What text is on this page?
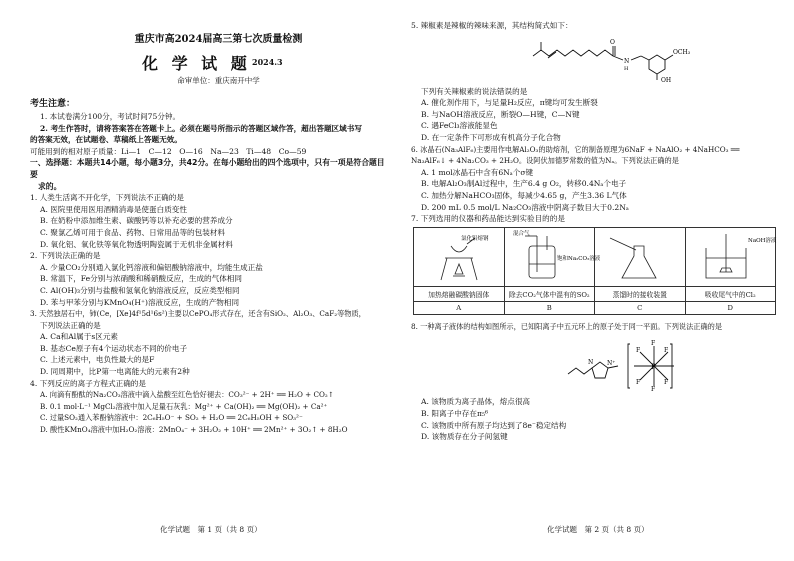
重庆市高2024届高三第七次质量检测
化 学 试 题 2024.3
命审单位：重庆南开中学
考生注意：
1. 本试卷满分100分，考试时间75分钟。
2. 考生作答时，请将答案答在答题卡上。必须在题号所指示的答题区域作答，超出答题区域书写
的答案无效，在试题卷、草稿纸上答题无效。
可能用到的相对原子质量：Li—1　C—12　O—16　Na—23　Ti—48　Co—59
一、选择题：本题共14小题，每小题3分，共42分。在每小题给出的四个选项中，只有一项是符合题目要
求的。
1. 人类生活离不开化学，下列说法不正确的是
A. 医院里使用医用酒精消毒是使蛋白质变性
B. 在奶粉中添加维生素、碳酸钙等以补充必要的营养成分
C. 聚氯乙烯可用于食品、药物、日常用品等的包装材料
D. 氧化铝、氧化铁等氧化物透明陶瓷属于无机非金属材料
2. 下列说法正确的是
A. 少量CO₂分别通入氯化钙溶液和偏铝酸钠溶液中，均能生成正盐
B. 常温下，Fe分别与浓硝酸和稀硝酸反应，生成的气体相同
C. Al(OH)₃分别与盐酸和氢氧化钠溶液反应，反应类型相同
D. 苯与甲苯分别与KMnO₄(H⁺)溶液反应，生成的产物相同
3. 天然独居石中，铈(Ce，[Xe]4f¹5d¹6s²)主要以CePO₄形式存在，还含有SiO₂、Al₂O₃、CaF₂等物质，
下列说法正确的是
A. Ca和Al属于s区元素
B. 基态Ce原子有4个运动状态不同的价电子
C. 上述元素中，电负性最大的是F
D. 同周期中，比P第一电离能大的元素有2种
4. 下列反应的离子方程式正确的是
A. 向滴有酚酞的Na₂CO₃溶液中滴入盐酸至红色恰好褪去：CO₃²⁻ + 2H⁺ ══ H₂O + CO₂↑
B. 0.1 mol·L⁻¹ MgCl₂溶液中加入足量石灰乳：Mg²⁺ + Ca(OH)₂ ══ Mg(OH)₂ + Ca²⁺
C. 过量SO₂通入苯酚钠溶液中：2C₆H₅O⁻ + SO₂ + H₂O ══ 2C₆H₅OH + SO₃²⁻
D. 酸性KMnO₄溶液中加H₂O₂溶液：2MnO₄⁻ + 3H₂O₂ + 10H⁺ ══ 2Mn²⁺ + 3O₂↑ + 8H₂O
化学试题　第 1 页（共 8 页）
5. 辣椒素是辣椒的辣味来源，其结构简式如下：
O
N
H
OCH₃
OH
下列有关辣椒素的说法错误的是
A. 催化剂作用下，与足量H₂反应，π键均可发生断裂
B. 与NaOH溶液反应，断裂O—H键，C—N键
C. 遇FeCl₃溶液能显色
D. 在一定条件下可形成有机高分子化合物
6. 冰晶石(Na₃AlF₆)主要用作电解Al₂O₃的助熔剂，它的制备原理为6NaF + NaAlO₂ + 4NaHCO₃ ══
Na₃AlF₆↓ + 4Na₂CO₃ + 2H₂O。设阿伏加德罗常数的值为Nₐ。下列说法正确的是
A. 1 mol冰晶石中含有6Nₐ个σ键
B. 电解Al₂O₃制Al过程中，生产6.4 g O₂，转移0.4Nₐ个电子
C. 加热分解NaHCO₃固体，每减少4.65 g，产生3.36 L气体
D. 200 mL 0.5 mol/L Na₂CO₃溶液中阴离子数目大于0.2Nₐ
7. 下列选用的仪器和药品能达到实验目的的是
氯化铝熔钢	混合气
饱和Na₂CO₃溶液		NaOH溶液

加热熔融碳酸钠固体	除去CO₂气体中混有的SO₂	蒸馏时的接收装置	吸收尾气中的Cl₂
A	B	C	D
8. 一种离子液体的结构如图所示，已知阳离子中五元环上的原子处于同一平面。下列说法正确的是
N N⁺
F
P
F	F
F	F
F
A. 该物质为离子晶体，熔点很高
B. 阳离子中存在π₅⁶
C. 该物质中所有原子均达到了8e⁻稳定结构
D. 该物质存在分子间氢键
化学试题　第 2 页（共 8 页）
